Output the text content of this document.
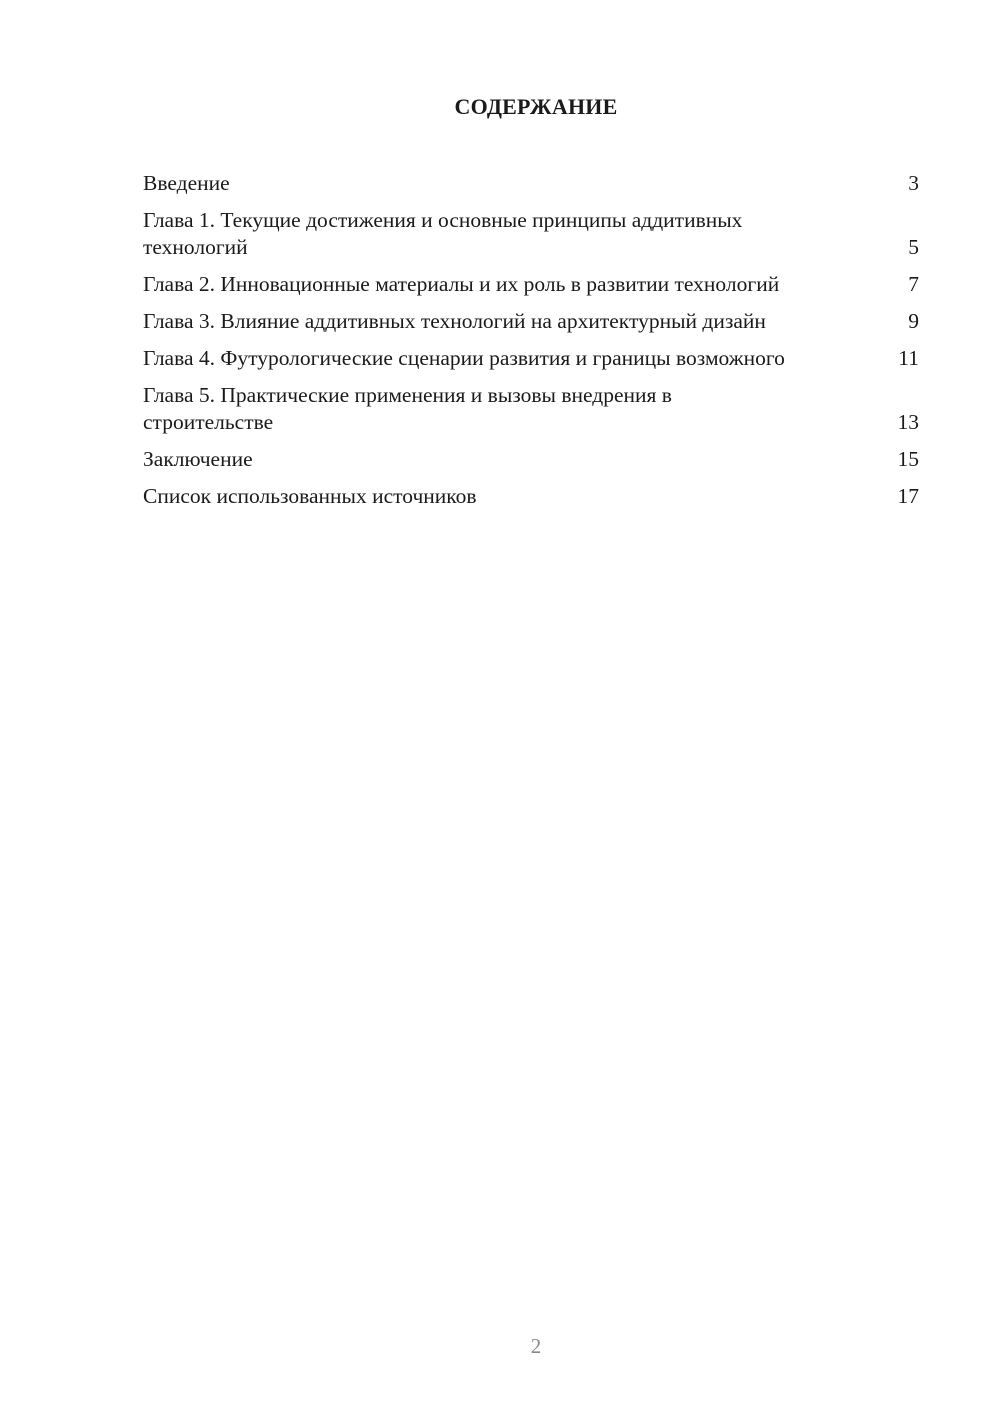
СОДЕРЖАНИЕ
Введение	3
Глава 1. Текущие достижения и основные принципы аддитивных технологий	5
Глава 2. Инновационные материалы и их роль в развитии технологий	7
Глава 3. Влияние аддитивных технологий на архитектурный дизайн	9
Глава 4. Футурологические сценарии развития и границы возможного	11
Глава 5. Практические применения и вызовы внедрения в строительстве	13
Заключение	15
Список использованных источников	17
2
